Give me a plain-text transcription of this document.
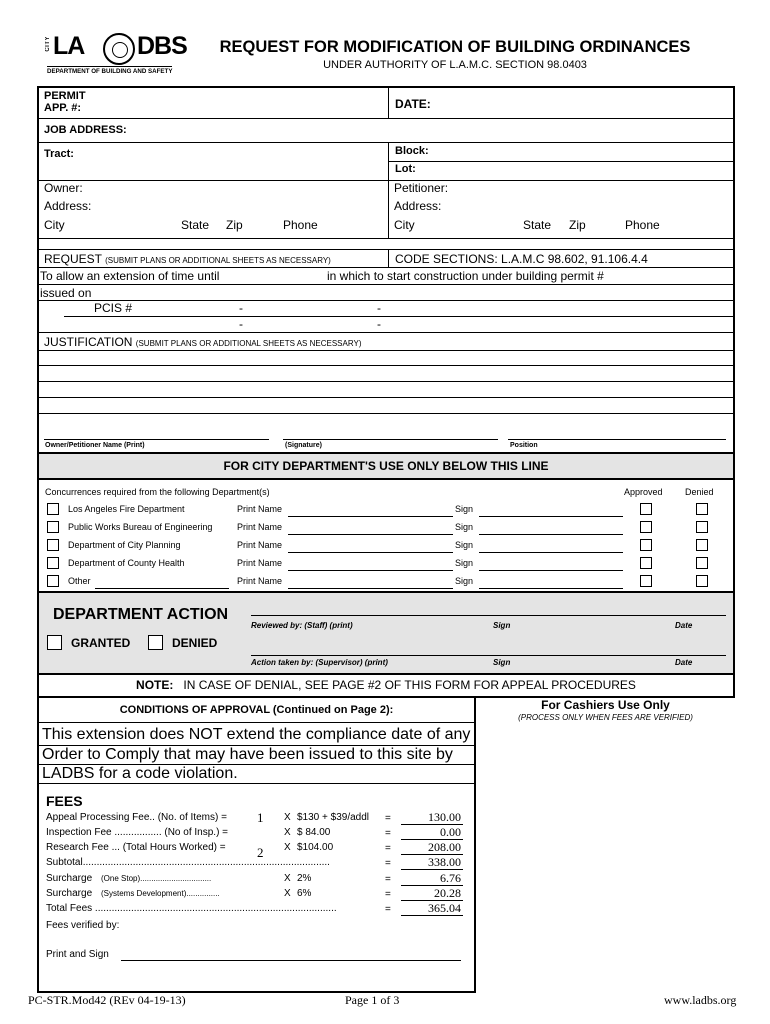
CITY LA DBS
DEPARTMENT OF BUILDING AND SAFETY
REQUEST FOR MODIFICATION OF BUILDING ORDINANCES
UNDER AUTHORITY OF L.A.M.C. SECTION 98.0403
PERMIT
APP. #:	DATE:
JOB ADDRESS:
Tract:	Block:
Lot:
Owner:
Address:
City	State Zip	Phone
Petitioner:
Address:
City	State Zip	Phone
REQUEST (SUBMIT PLANS OR ADDITIONAL SHEETS AS NECESSARY)	CODE SECTIONS: L.A.M.C 98.602, 91.106.4.4
To allow an extension of time until	in which to start construction under building permit #
issued on
PCIS #	-	-
-	-
JUSTIFICATION (SUBMIT PLANS OR ADDITIONAL SHEETS AS NECESSARY)
Owner/Petitioner Name (Print)	(Signature)	Position
FOR CITY DEPARTMENT'S USE ONLY BELOW THIS LINE
Concurrences required from the following Department(s)	Approved Denied
Los Angeles Fire Department	Print Name	Sign
Public Works Bureau of Engineering	Print Name	Sign
Department of City Planning	Print Name	Sign
Department of County Health	Print Name	Sign
Other	Print Name	Sign
DEPARTMENT ACTION
GRANTED	DENIED
Reviewed by: (Staff) (print)	Sign	Date
Action taken by: (Supervisor) (print)	Sign	Date
NOTE: IN CASE OF DENIAL, SEE PAGE #2 OF THIS FORM FOR APPEAL PROCEDURES
CONDITIONS OF APPROVAL (Continued on Page 2):
This extension does NOT extend the compliance date of any
Order to Comply that may have been issued to this site by
LADBS for a code violation.
FEES
Appeal Processing Fee.. (No. of Items) = 1 X $130 + $39/addl =	130.00
Inspection Fee ................. (No of Insp.) =	X $ 84.00	=	0.00
Research Fee ... (Total Hours Worked) = 2 X $104.00	=	208.00
Subtotal.........................................................................................	=	338.00
Surcharge (One Stop)................................	X 2%	=	6.76
Surcharge (Systems Development)...............	X 6%	=	20.28
Total Fees .......................................................................................	=	365.04
Fees verified by:
Print and Sign
For Cashiers Use Only
(PROCESS ONLY WHEN FEES ARE VERIFIED)
PC-STR.Mod42 (REv 04-19-13)	Page 1 of 3	www.ladbs.org
